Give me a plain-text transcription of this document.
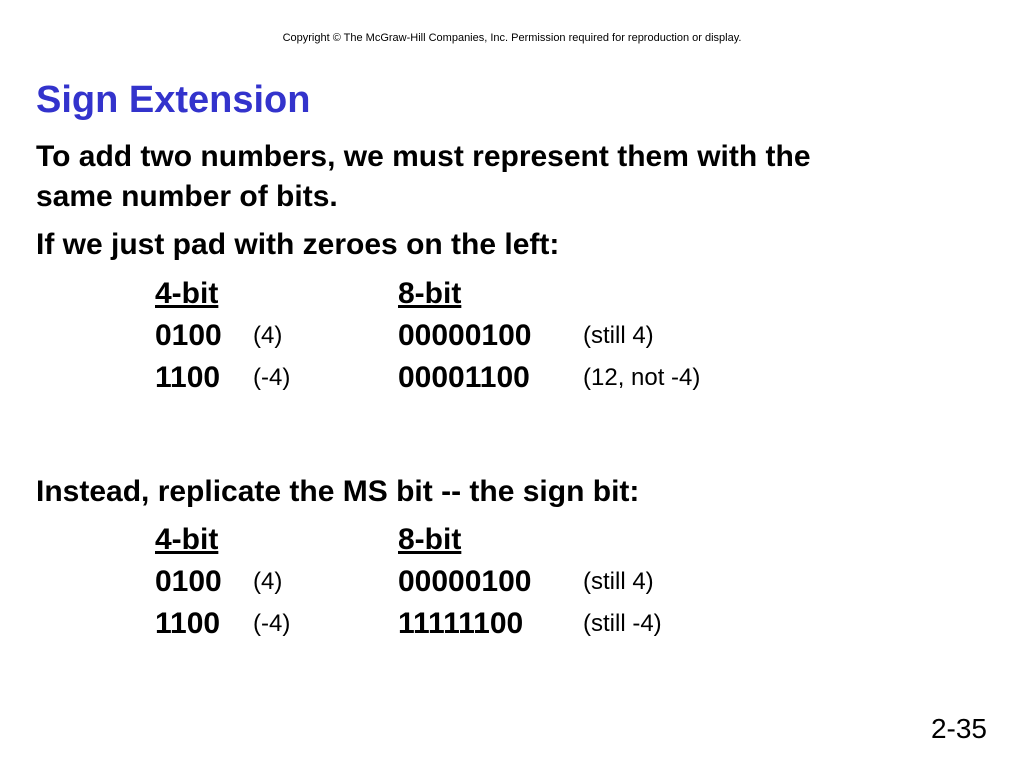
Copyright © The McGraw-Hill Companies, Inc. Permission required for reproduction or display.
Sign Extension

To add two numbers, we must represent them with the same number of bits.

If we just pad with zeroes on the left:

4-bit	8-bit
0100 (4)	00000100 (still 4)
1100 (-4)	00001100 (12, not -4)

Instead, replicate the MS bit -- the sign bit:

4-bit	8-bit
0100 (4)	00000100 (still 4)
1100 (-4)	11111100 (still -4)
2-35
